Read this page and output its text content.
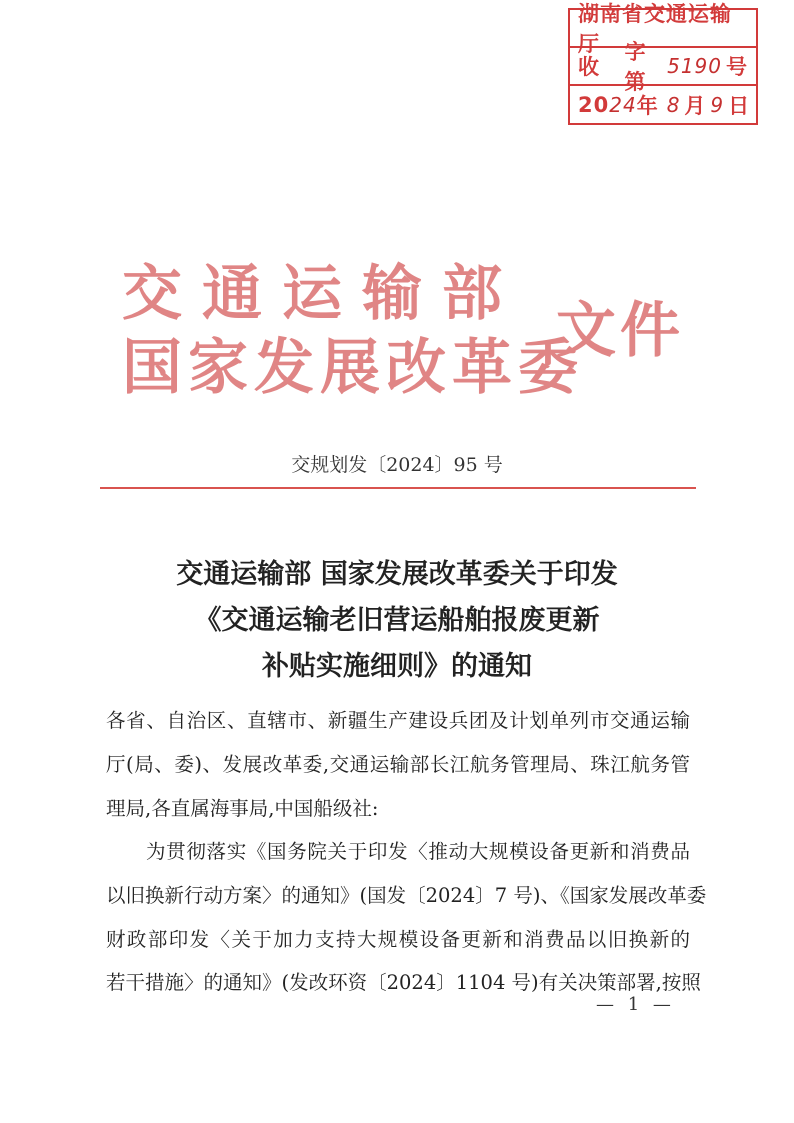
湖南省交通运输厅
收
字第
5190 号
20 24 年 8 月 9 日
交通运输部
国家发展改革委
文件
交规划发〔2024〕95 号
交通运输部 国家发展改革委关于印发
《交通运输老旧营运船舶报废更新
补贴实施细则》的通知
各省、自治区、直辖市、新疆生产建设兵团及计划单列市交通运输
厅(局、委)、发展改革委,交通运输部长江航务管理局、珠江航务管
理局,各直属海事局,中国船级社:
为贯彻落实《国务院关于印发〈推动大规模设备更新和消费品
以旧换新行动方案〉的通知》(国发〔2024〕7 号)、《国家发展改革委
财政部印发〈关于加力支持大规模设备更新和消费品以旧换新的
若干措施〉的通知》(发改环资〔2024〕1104 号)有关决策部署,按照
— 1 —
